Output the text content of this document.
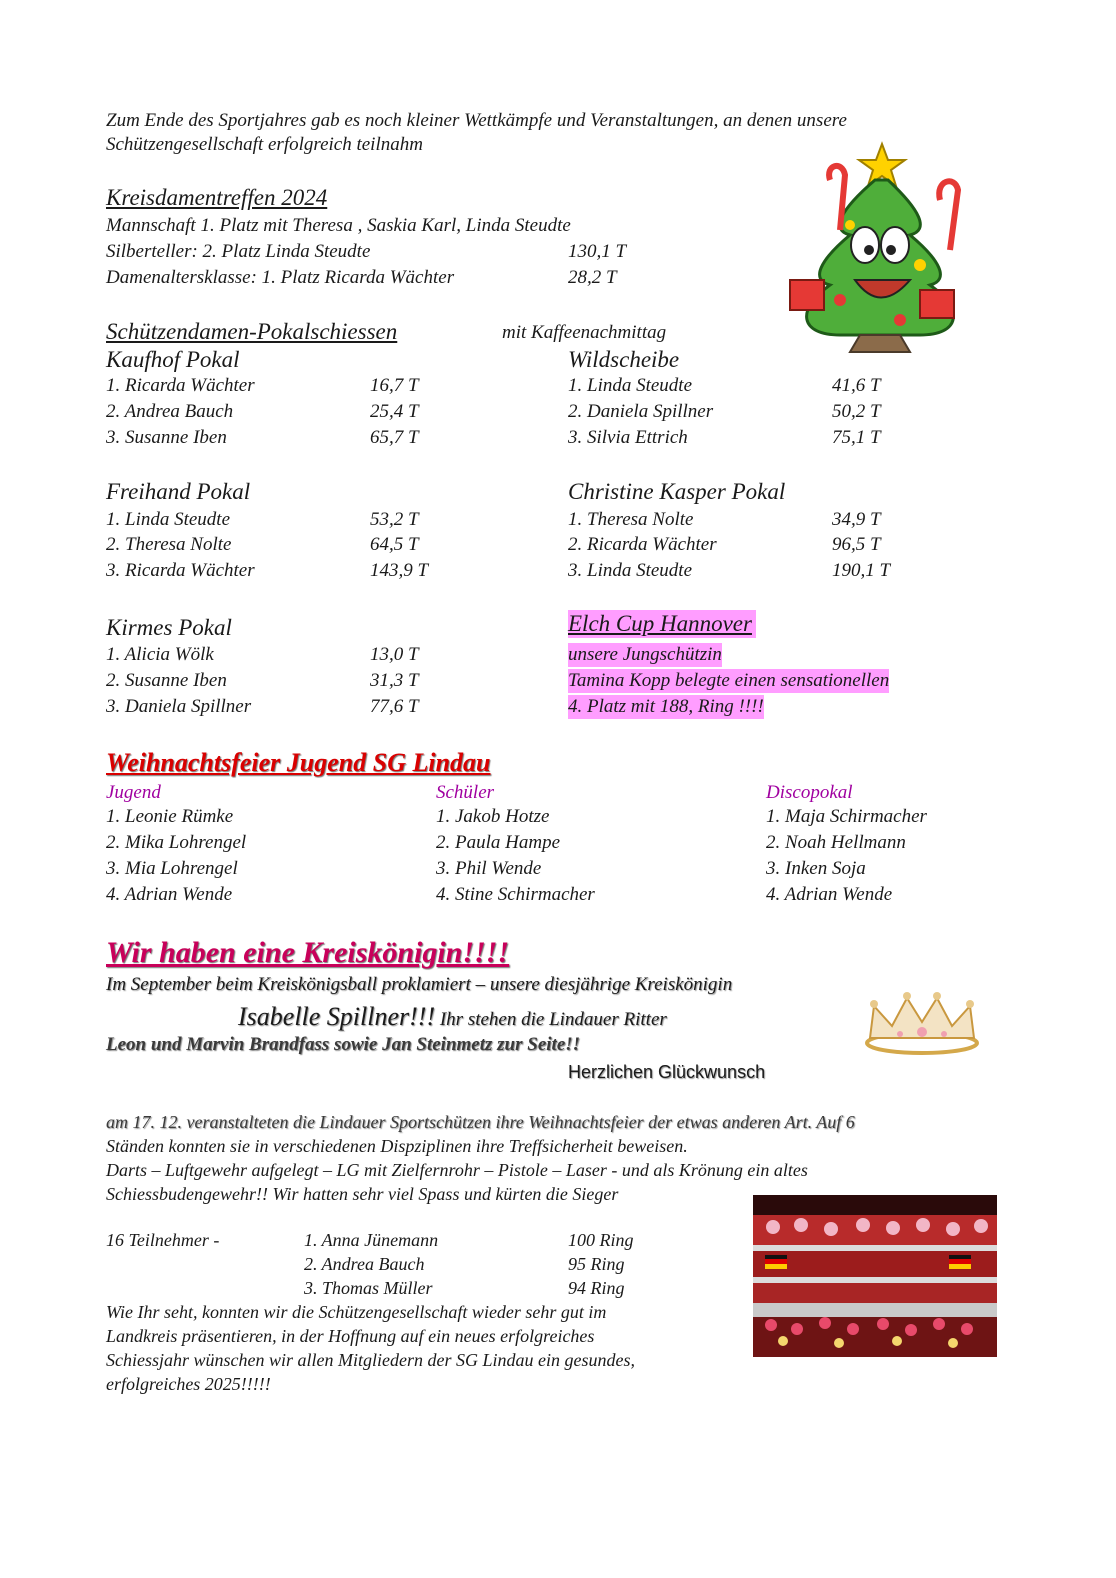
Zum Ende des Sportjahres gab es noch kleiner Wettkämpfe und Veranstaltungen, an denen unsere
Schützengesellschaft erfolgreich teilnahm
Kreisdamentreffen 2024
Mannschaft 1. Platz mit Theresa , Saskia Karl, Linda Steudte
Silberteller: 2. Platz Linda Steudte	130,1 T
Damenaltersklasse: 1. Platz Ricarda Wächter	28,2 T
Schützendamen-Pokalschiessen	mit Kaffeenachmittag
Kaufhof Pokal
1. Ricarda Wächter	16,7 T
2. Andrea Bauch	25,4 T
3. Susanne Iben	65,7 T
Wildscheibe
1. Linda Steudte	41,6 T
2. Daniela Spillner	50,2 T
3. Silvia Ettrich	75,1 T
Freihand Pokal
1. Linda Steudte	53,2 T
2. Theresa Nolte	64,5 T
3. Ricarda Wächter	143,9 T
Christine Kasper Pokal
1. Theresa Nolte	34,9 T
2. Ricarda Wächter	96,5 T
3. Linda Steudte	190,1 T
Kirmes Pokal
1. Alicia Wölk	13,0 T
2. Susanne Iben	31,3 T
3. Daniela Spillner	77,6 T
Elch Cup Hannover
unsere Jungschützin
Tamina Kopp belegte einen sensationellen
4. Platz mit 188, Ring !!!!
Weihnachtsfeier Jugend SG Lindau
Jugend
1. Leonie Rümke
2. Mika Lohrengel
3. Mia Lohrengel
4. Adrian Wende
Schüler
1. Jakob Hotze
2. Paula Hampe
3. Phil Wende
4. Stine Schirmacher
Discopokal
1. Maja Schirmacher
2. Noah Hellmann
3. Inken Soja
4. Adrian Wende
Wir haben eine Kreiskönigin!!!!
Im September beim Kreiskönigsball proklamiert – unsere diesjährige Kreiskönigin
Isabelle Spillner!!! Ihr stehen die Lindauer Ritter
Leon und Marvin Brandfass sowie Jan Steinmetz zur Seite!!
Herzlichen Glückwunsch
am 17. 12. veranstalteten die Lindauer Sportschützen ihre Weihnachtsfeier der etwas anderen Art. Auf 6
Ständen konnten sie in verschiedenen Dispziplinen ihre Treffsicherheit beweisen.
Darts – Luftgewehr aufgelegt – LG mit Zielfernrohr – Pistole – Laser - und als Krönung ein altes
Schiessbudengewehr!! Wir hatten sehr viel Spass und kürten die Sieger
16 Teilnehmer -	1. Anna Jünemann	100 Ring
2. Andrea Bauch	95 Ring
3. Thomas Müller	94 Ring
Wie Ihr seht, konnten wir die Schützengesellschaft wieder sehr gut im
Landkreis präsentieren, in der Hoffnung auf ein neues erfolgreiches
Schiessjahr wünschen wir allen Mitgliedern der SG Lindau ein gesundes,
erfolgreiches 2025!!!!!
